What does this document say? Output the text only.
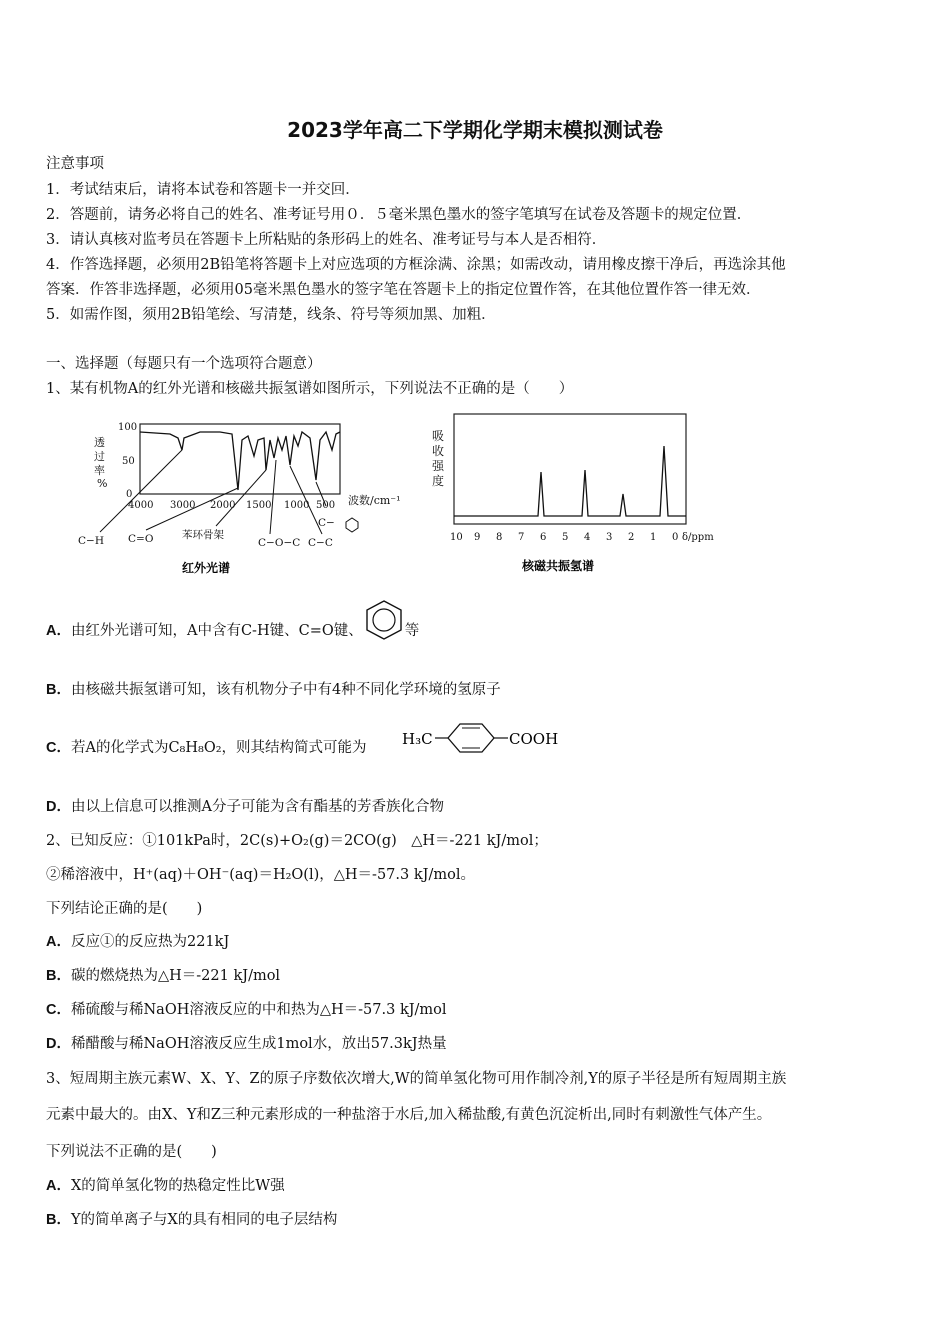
2023学年高二下学期化学期末模拟测试卷
注意事项
1．考试结束后，请将本试卷和答题卡一并交回．
2．答题前，请务必将自己的姓名、准考证号用０．５毫米黑色墨水的签字笔填写在试卷及答题卡的规定位置．
3．请认真核对监考员在答题卡上所粘贴的条形码上的姓名、准考证号与本人是否相符．
4．作答选择题，必须用2B铅笔将答题卡上对应选项的方框涂满、涂黑；如需改动，请用橡皮擦干净后，再选涂其他
答案．作答非选择题，必须用05毫米黑色墨水的签字笔在答题卡上的指定位置作答，在其他位置作答一律无效．
5．如需作图，须用2B铅笔绘、写清楚，线条、符号等须加黑、加粗．
一、选择题（每题只有一个选项符合题意）
1、某有机物A的红外光谱和核磁共振氢谱如图所示，下列说法不正确的是（　　）
透
过
率
%
100
50
0
4000 3000 2000 1500 1000 500 波数/cm⁻¹
C−H C=O	苯环骨架
C−O−C C−C
C−
红外光谱
吸
收
强
度
10 9 8 7 6 5 4 3 2 1 0 δ/ppm
核磁共振氢谱
A．由红外光谱可知，A中含有C-H键、C=O键、	等
B．由核磁共振氢谱可知，该有机物分子中有4种不同化学环境的氢原子
C．若A的化学式为C₈H₈O₂，则其结构简式可能为 H₃C	COOH
D．由以上信息可以推测A分子可能为含有酯基的芳香族化合物
2、已知反应：①101kPa时，2C(s)+O₂(g)＝2CO(g)　△H＝-221 kJ/mol；
②稀溶液中，H⁺(aq)＋OH⁻(aq)＝H₂O(l)，△H＝-57.3 kJ/mol。
下列结论正确的是(　　)
A．反应①的反应热为221kJ
B．碳的燃烧热为△H＝-221 kJ/mol
C．稀硫酸与稀NaOH溶液反应的中和热为△H＝-57.3 kJ/mol
D．稀醋酸与稀NaOH溶液反应生成1mol水，放出57.3kJ热量
3、短周期主族元素W、X、Y、Z的原子序数依次增大,W的简单氢化物可用作制冷剂,Y的原子半径是所有短周期主族
元素中最大的。由X、Y和Z三种元素形成的一种盐溶于水后,加入稀盐酸,有黄色沉淀析出,同时有刺激性气体产生。
下列说法不正确的是(　　)
A．X的简单氢化物的热稳定性比W强
B．Y的简单离子与X的具有相同的电子层结构
